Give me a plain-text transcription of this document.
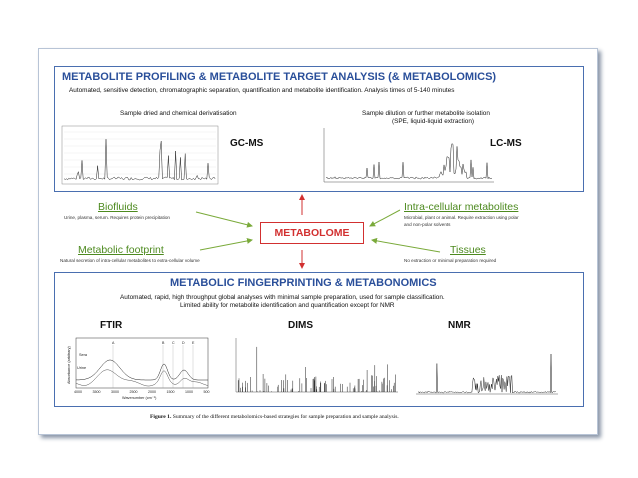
METABOLITE PROFILING & METABOLITE TARGET ANALYSIS (& METABOLOMICS)
Automated, sensitive detection, chromatographic separation, quantification and metabolite identification. Analysis times of 5-140 minutes
Sample dried and chemical derivatisation	Sample dilution or further metabolite isolation
(SPE, liquid-liquid extraction)
GC-MS	LC-MS
Biofluids
Urine, plasma, serum. Requires protein precipitation
Metabolic footprint
Natural secretion of intra-cellular metabolites to extra-cellular volume
Intra-cellular metabolites
Microbial, plant or animal. Require extraction using polar
and non-polar solvents
Tissues
No extraction or minimal preparation required
METABOLOME
METABOLIC FINGERPRINTING & METABONOMICS
Automated, rapid, high throughput global analyses with minimal sample preparation, used for sample classification.
Limited ability for metabolite identification and quantification except for NMR
FTIR	DIMS	NMR
Absorbance (arbitrary)
Wavenumber (cm⁻¹)
4000	3500	3000	2500	2000	1500	1000	500
A	B C D E
Sera
Urine
Figure 1. Summary of the different metabolomics-based strategies for sample preparation and sample analysis.
